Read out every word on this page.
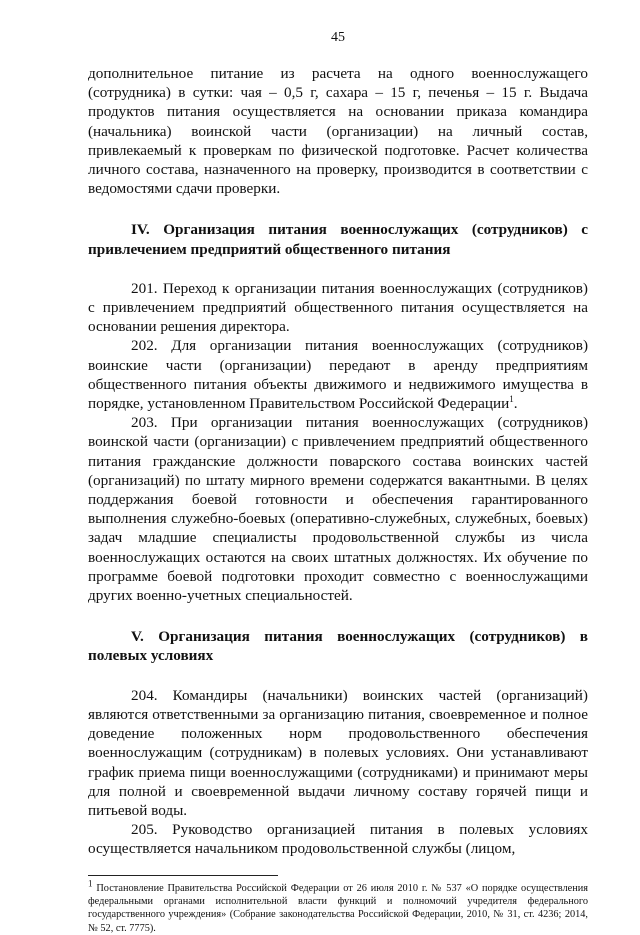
45

дополнительное питание из расчета на одного военнослужащего (сотрудника) в сутки: чая – 0,5 г, сахара – 15 г, печенья – 15 г. Выдача продуктов питания осуществляется на основании приказа командира (начальника) воинской части (организации) на личный состав, привлекаемый к проверкам по физической подготовке. Расчет количества личного состава, назначенного на проверку, производится в соответствии с ведомостями сдачи проверки.

IV. Организация питания военнослужащих (сотрудников) с привлечением предприятий общественного питания

201. Переход к организации питания военнослужащих (сотрудников) с привлечением предприятий общественного питания осуществляется на основании решения директора.

202. Для организации питания военнослужащих (сотрудников) воинские части (организации) передают в аренду предприятиям общественного питания объекты движимого и недвижимого имущества в порядке, установленном Правительством Российской Федерации$^1$.

203. При организации питания военнослужащих (сотрудников) воинской части (организации) с привлечением предприятий общественного питания гражданские должности поварского состава воинских частей (организаций) по штату мирного времени содержатся вакантными. В целях поддержания боевой готовности и обеспечения гарантированного выполнения служебно-боевых (оперативно-служебных, служебных, боевых) задач младшие специалисты продовольственной службы из числа военнослужащих остаются на своих штатных должностях. Их обучение по программе боевой подготовки проходит совместно с военнослужащими других военно-учетных специальностей.

V. Организация питания военнослужащих (сотрудников) в полевых условиях

204. Командиры (начальники) воинских частей (организаций) являются ответственными за организацию питания, своевременное и полное доведение положенных норм продовольственного обеспечения военнослужащим (сотрудникам) в полевых условиях. Они устанавливают график приема пищи военнослужащими (сотрудниками) и принимают меры для полной и своевременной выдачи личному составу горячей пищи и питьевой воды.

205. Руководство организацией питания в полевых условиях осуществляется начальником продовольственной службы (лицом,

$^1$ Постановление Правительства Российской Федерации от 26 июля 2010 г. № 537 «О порядке осуществления федеральными органами исполнительной власти функций и полномочий учредителя федерального государственного учреждения» (Собрание законодательства Российской Федерации, 2010, № 31, ст. 4236; 2014, № 52, ст. 7775).
